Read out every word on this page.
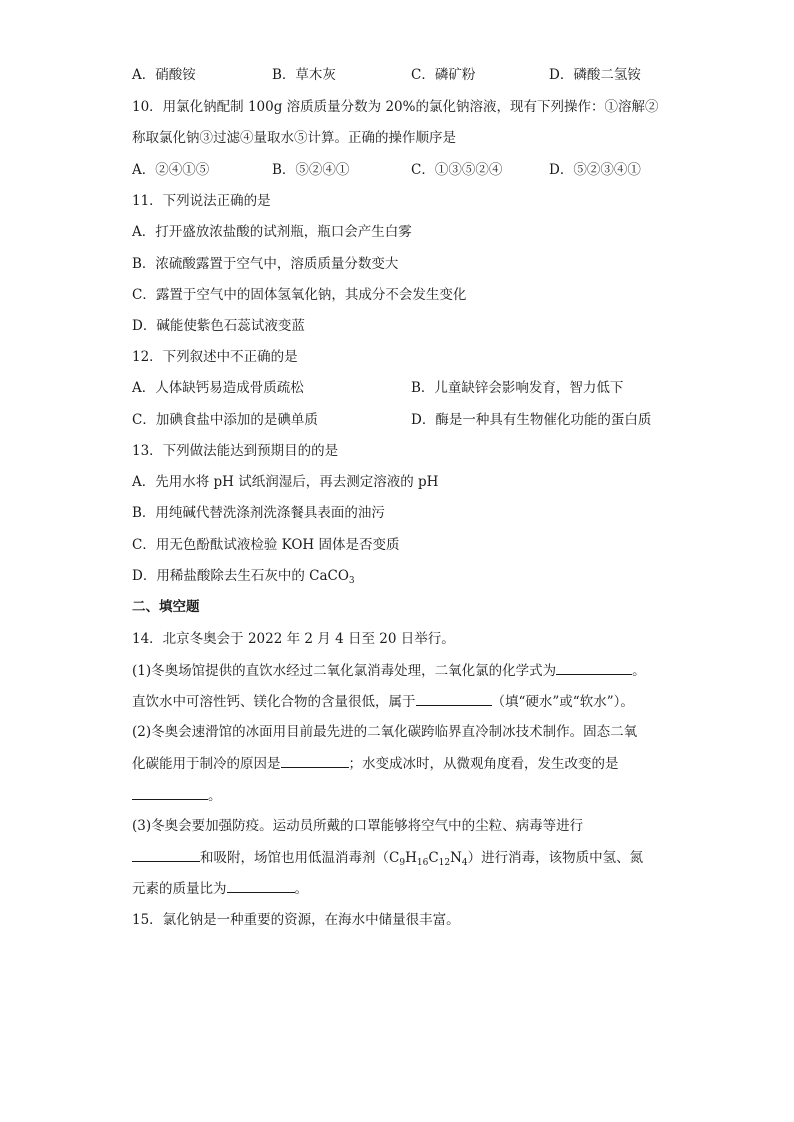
A．硝酸铵	B．草木灰	C．磷矿粉	D．磷酸二氢铵
10．用氯化钠配制 100g 溶质质量分数为 20%的氯化钠溶液，现有下列操作：①溶解②
称取氯化钠③过滤④量取水⑤计算。正确的操作顺序是
A．②④①⑤	B．⑤②④①	C．①③⑤②④	D．⑤②③④①
11．下列说法正确的是
A．打开盛放浓盐酸的试剂瓶，瓶口会产生白雾
B．浓硫酸露置于空气中，溶质质量分数变大
C．露置于空气中的固体氢氧化钠，其成分不会发生变化
D．碱能使紫色石蕊试液变蓝
12．下列叙述中不正确的是
A．人体缺钙易造成骨质疏松	B．儿童缺锌会影响发育，智力低下
C．加碘食盐中添加的是碘单质	D．酶是一种具有生物催化功能的蛋白质
13．下列做法能达到预期目的的是
A．先用水将 pH 试纸润湿后，再去测定溶液的 pH
B．用纯碱代替洗涤剂洗涤餐具表面的油污
C．用无色酚酞试液检验 KOH 固体是否变质
D．用稀盐酸除去生石灰中的 CaCO$_3$
二、填空题
14．北京冬奥会于 2022 年 2 月 4 日至 20 日举行。
(1)冬奥场馆提供的直饮水经过二氧化氯消毒处理，二氧化氯的化学式为	。
直饮水中可溶性钙、镁化合物的含量很低，属于	（填“硬水”或“软水”）。
(2)冬奥会速滑馆的冰面用目前最先进的二氧化碳跨临界直冷制冰技术制作。固态二氧
化碳能用于制冷的原因是	；水变成冰时，从微观角度看，发生改变的是
。
(3)冬奥会要加强防疫。运动员所戴的口罩能够将空气中的尘粒、病毒等进行
和吸附，场馆也用低温消毒剂$(C_9H_{16}C_{12}N_4)$进行消毒，该物质中氢、氮
元素的质量比为	。
15．氯化钠是一种重要的资源，在海水中储量很丰富。
